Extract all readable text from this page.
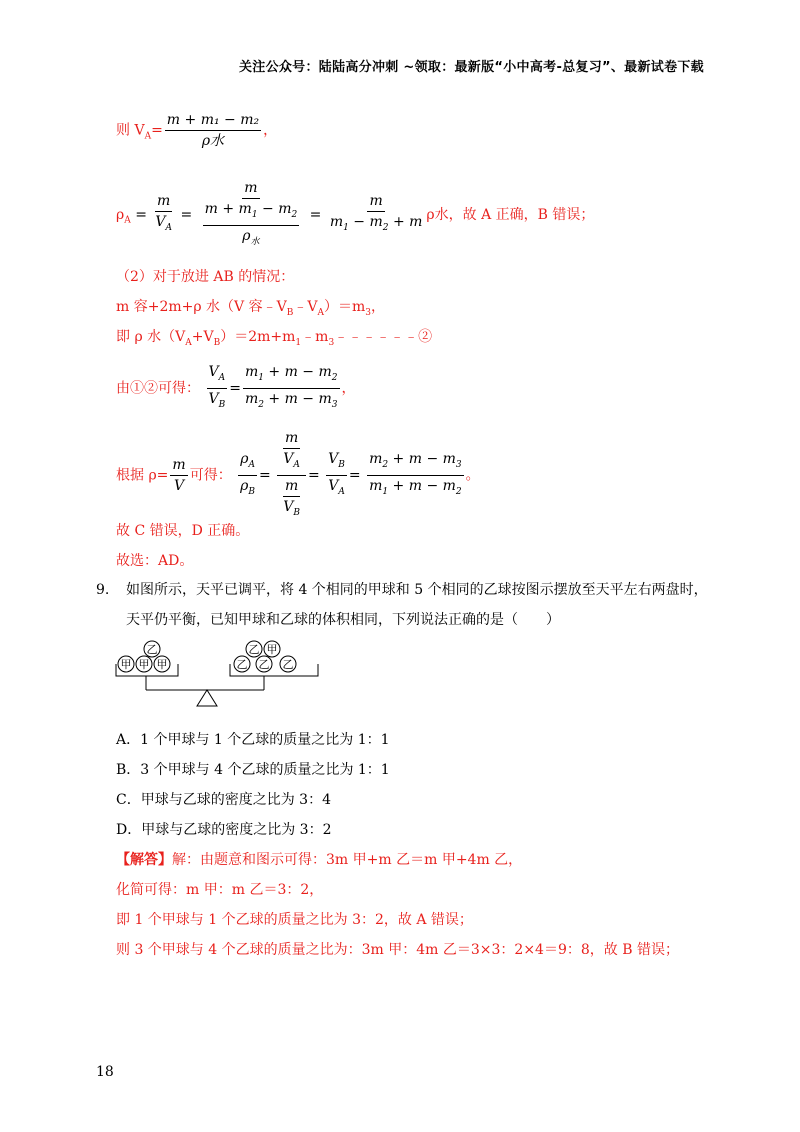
关注公众号：陆陆高分冲刺 ~领取：最新版“小中高考-总复习”、最新试卷下载
则 $V_A= \frac{\text{m + m₁ − m₂}}{\text{ρ水}}$ ，
$\rho_A = \frac{m}{V_A} = \frac{m}{\frac{m + m_1 - m_2}{\rho_水}} = \frac{m}{m_1 - m_2 + m}$ ρ水，故 A 正确，B 错误；
（2）对于放进 AB 的情况：
m 容+2m+ρ 水（V 容$﹣V_B﹣V_A)=m_3$，
即 ρ 水$(V_A+V_B)=2m+m_1﹣m_3﹣﹣﹣﹣﹣﹣②$
由①②可得： $\frac{V_A}{V_B} = \frac{m_1 + m - m_2}{m_2 + m - m_3}$ ，
根据 $\rho= \frac{m}{V}$ 可得： $\frac{\rho_A}{\rho_B} = \frac{\frac{m}{V_A}}{\frac{m}{V_B}} = \frac{V_B}{V_A} = \frac{m_2 + m - m_3}{m_1 + m - m_2}$ 。
故 C 错误，D 正确。
故选：AD。
9. 如图所示，天平已调平，将 4 个相同的甲球和 5 个相同的乙球按图示摆放至天平左右两盘时，
天平仍平衡，已知甲球和乙球的体积相同，下列说法正确的是（　　）
甲 甲 甲
乙
乙 乙 乙
乙 甲
A．1 个甲球与 1 个乙球的质量之比为 1：1
B．3 个甲球与 4 个乙球的质量之比为 1：1
C．甲球与乙球的密度之比为 3：4
D．甲球与乙球的密度之比为 3：2
【解答】解：由题意和图示可得：3m 甲+m 乙＝m 甲+4m 乙，
化简可得：m 甲：m 乙＝3：2，
即 1 个甲球与 1 个乙球的质量之比为 3：2，故 A 错误；
则 3 个甲球与 4 个乙球的质量之比为：3m 甲：4m 乙＝3×3：2×4＝9：8，故 B 错误；
18
